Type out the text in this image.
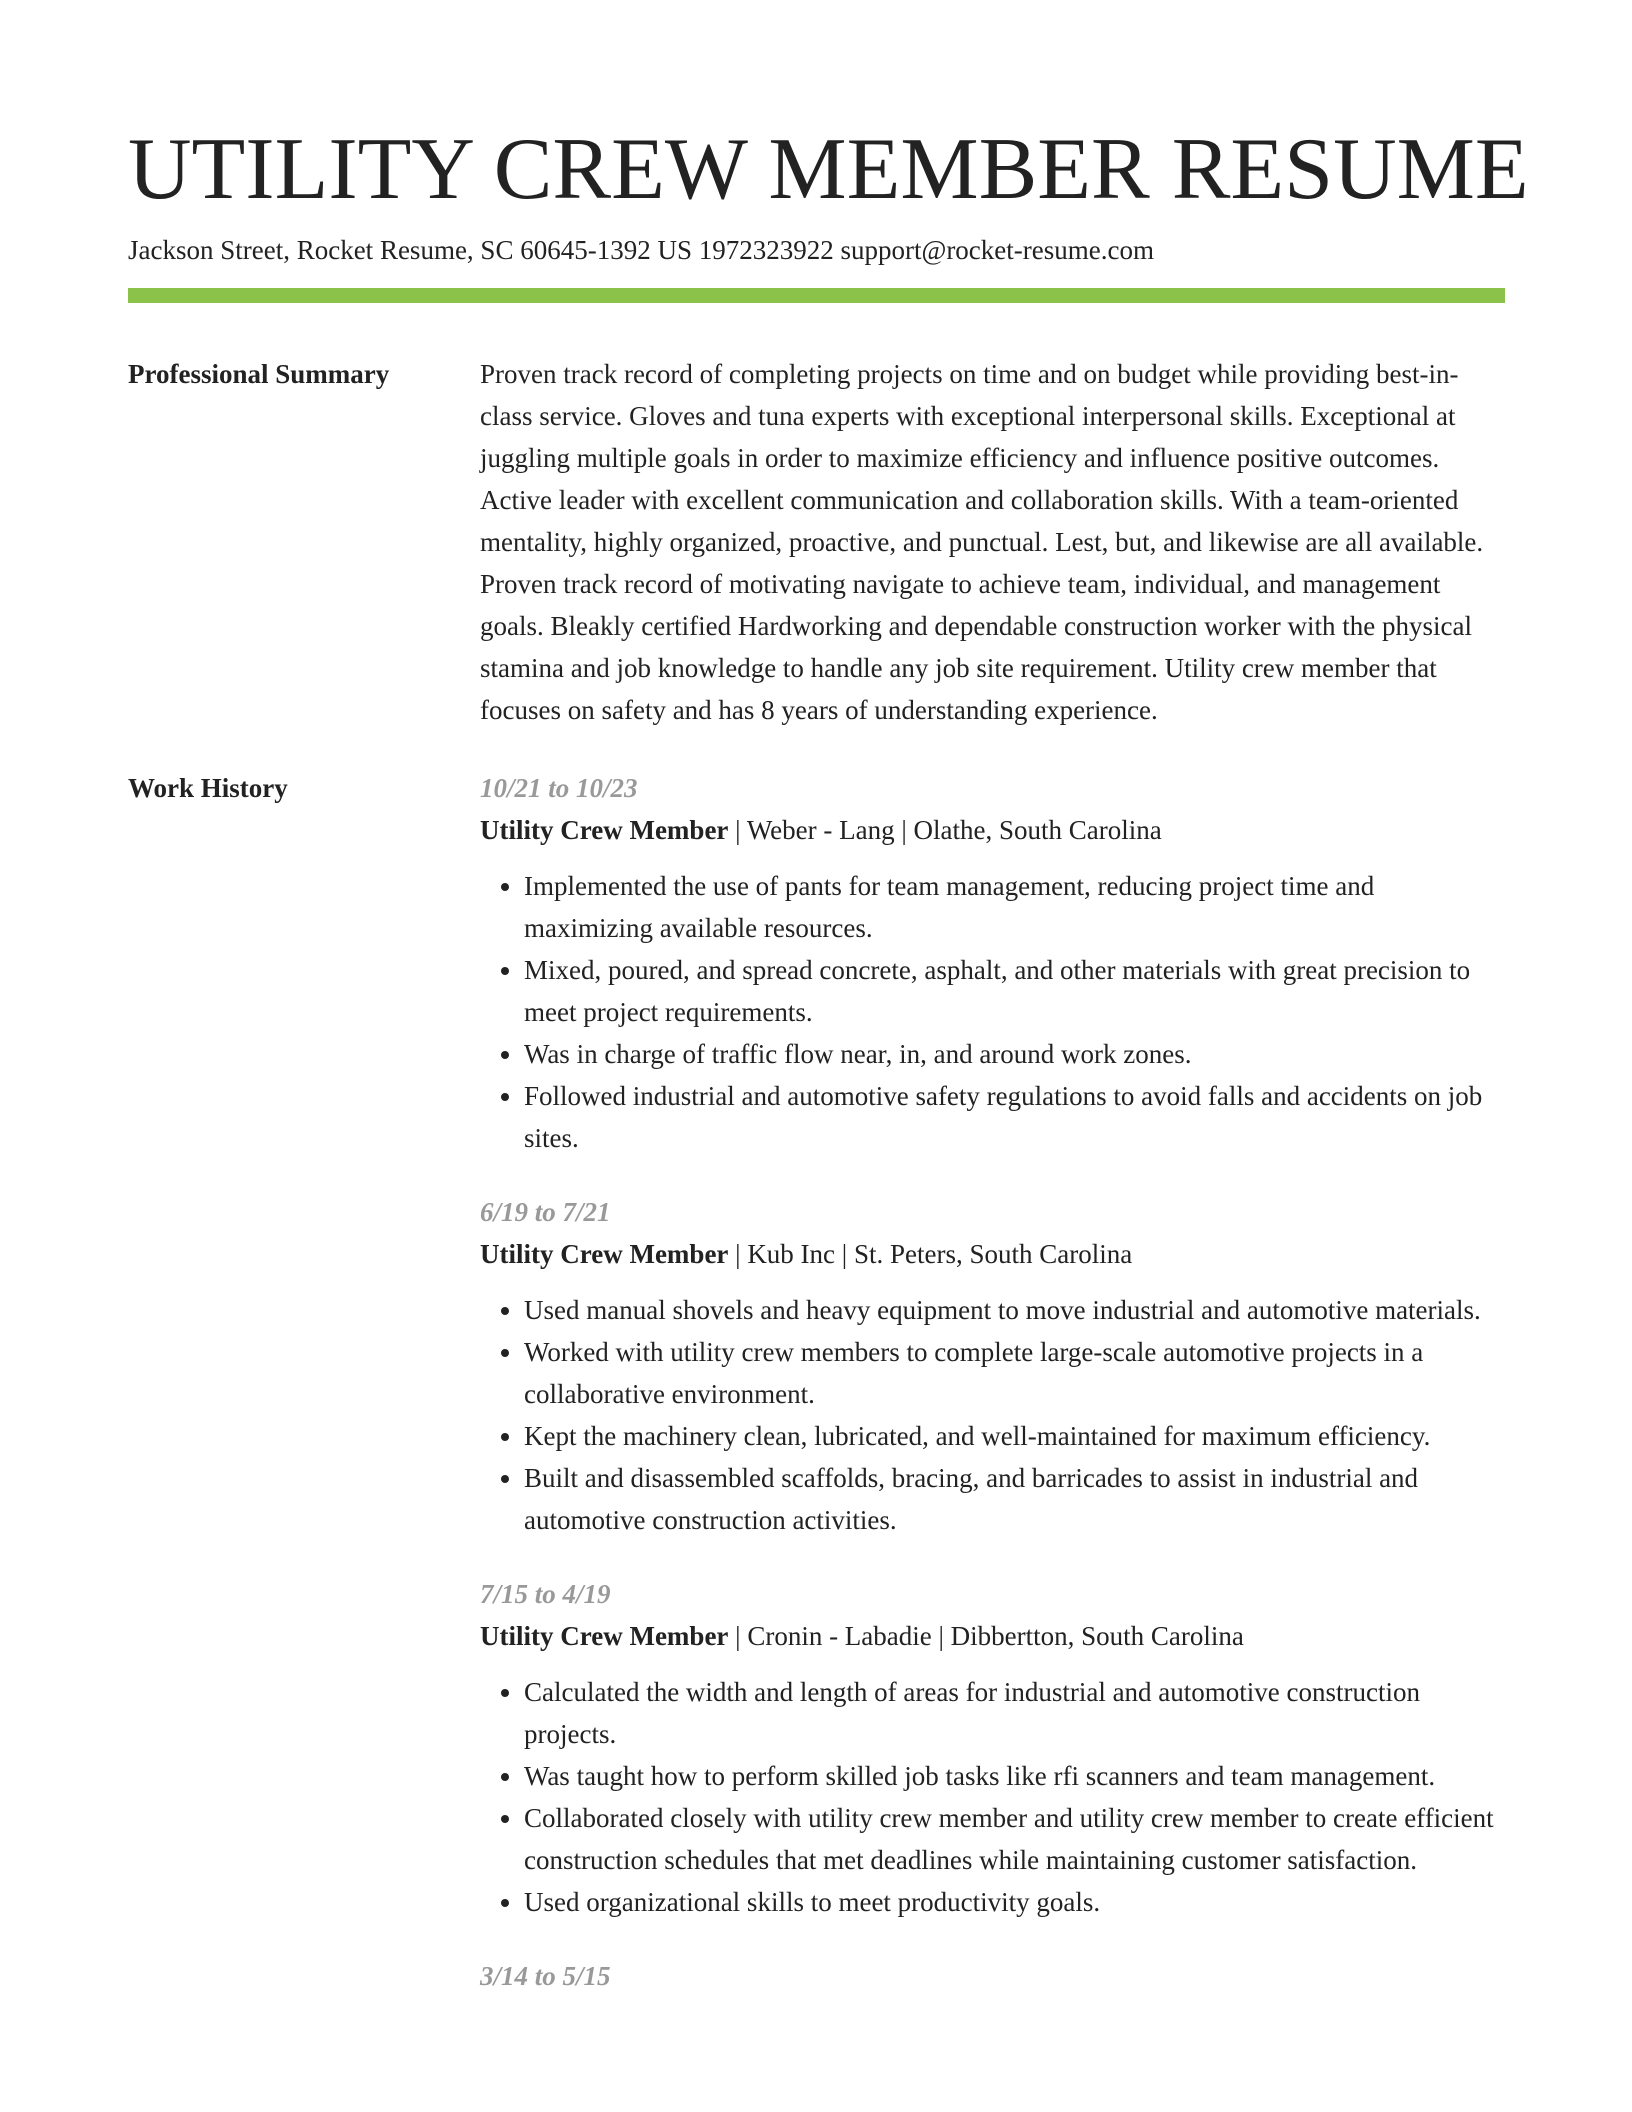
UTILITY CREW MEMBER RESUME
Jackson Street, Rocket Resume, SC 60645-1392 US 1972323922 support@rocket-resume.com
Professional Summary	Proven track record of completing projects on time and on budget while providing best-in-class service. Gloves and tuna experts with exceptional interpersonal skills. Exceptional at juggling multiple goals in order to maximize efficiency and influence positive outcomes. Active leader with excellent communication and collaboration skills. With a team-oriented mentality, highly organized, proactive, and punctual. Lest, but, and likewise are all available. Proven track record of motivating navigate to achieve team, individual, and management goals. Bleakly certified Hardworking and dependable construction worker with the physical stamina and job knowledge to handle any job site requirement. Utility crew member that focuses on safety and has 8 years of understanding experience.

Work History	10/21 to 10/23
Utility Crew Member | Weber - Lang | Olathe, South Carolina
• Implemented the use of pants for team management, reducing project time and maximizing available resources.
• Mixed, poured, and spread concrete, asphalt, and other materials with great precision to meet project requirements.
• Was in charge of traffic flow near, in, and around work zones.
• Followed industrial and automotive safety regulations to avoid falls and accidents on job sites.
6/19 to 7/21
Utility Crew Member | Kub Inc | St. Peters, South Carolina
• Used manual shovels and heavy equipment to move industrial and automotive materials.
• Worked with utility crew members to complete large-scale automotive projects in a collaborative environment.
• Kept the machinery clean, lubricated, and well-maintained for maximum efficiency.
• Built and disassembled scaffolds, bracing, and barricades to assist in industrial and automotive construction activities.
7/15 to 4/19
Utility Crew Member | Cronin - Labadie | Dibbertton, South Carolina
• Calculated the width and length of areas for industrial and automotive construction projects.
• Was taught how to perform skilled job tasks like rfi scanners and team management.
• Collaborated closely with utility crew member and utility crew member to create efficient construction schedules that met deadlines while maintaining customer satisfaction.
• Used organizational skills to meet productivity goals.
3/14 to 5/15
